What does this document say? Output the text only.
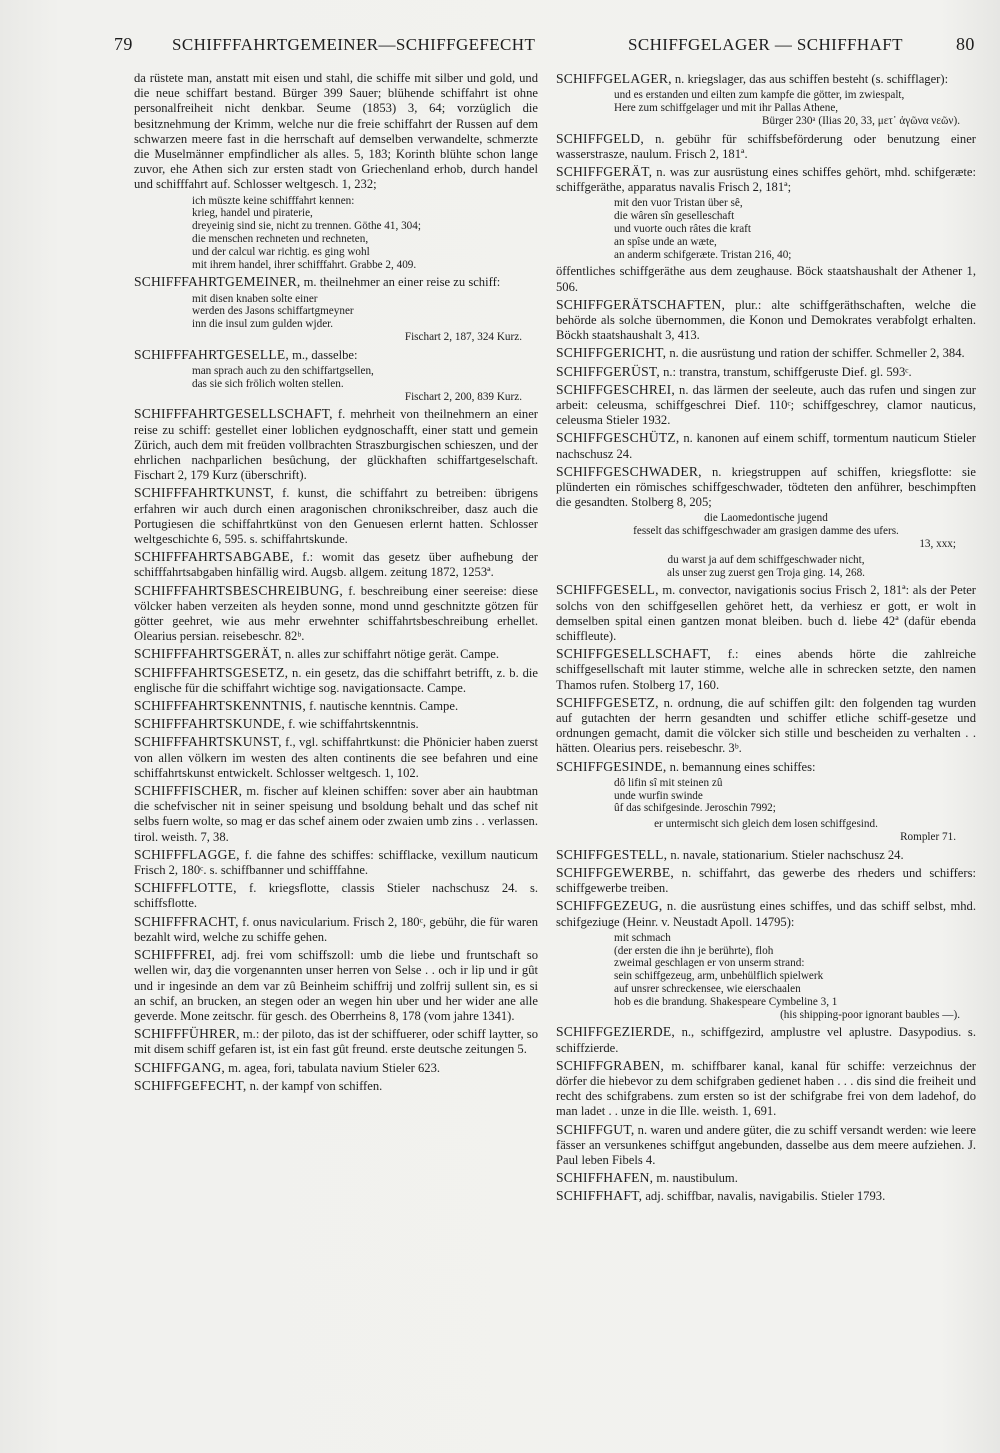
79 SCHIFFFAHRTGEMEINER—SCHIFFGEFECHT	SCHIFFGELAGER — SCHIFFHAFT	80

da rüstete man, anstatt mit eisen und stahl, die schiffe mit silber und gold, und die neue schiffart bestand. Bürger 399 Sauer; blühende schiffahrt ist ohne personalfreiheit nicht denkbar. Seume (1853) 3, 64; vorzüglich die besitznehmung der Krimm, welche nur die freie schiffahrt der Russen auf dem schwarzen meere fast in die herrschaft auf demselben verwandelte, schmerzte die Muselmänner empfindlicher als alles. 5, 183; Korinth blühte schon lange zuvor, ehe Athen sich zur ersten stadt von Griechenland erhob, durch handel und schifffahrt auf. Schlosser weltgesch. 1, 232;

ich müszte keine schifffahrt kennen:
krieg, handel und piraterie,
dreyeinig sind sie, nicht zu trennen. Göthe 41, 304;
die menschen rechneten und rechneten,
und der calcul war richtig. es ging wohl
mit ihrem handel, ihrer schifffahrt. Grabbe 2, 409.

SCHIFFFAHRTGEMEINER, m. theilnehmer an einer reise zu schiff:

mit disen knaben solte einer
werden des Jasons schiffartgmeyner
inn die insul zum gulden wjder.
Fischart 2, 187, 324 Kurz.

SCHIFFFAHRTGESELLE, m., dasselbe:

man sprach auch zu den schiffartgsellen,
das sie sich frölich wolten stellen.
Fischart 2, 200, 839 Kurz.

SCHIFFFAHRTGESELLSCHAFT, f. mehrheit von theilnehmern an einer reise zu schiff: gestellet einer loblichen eydgnoschafft, einer statt und gemein Zürich, auch dem mit freüden vollbrachten Straszburgischen schieszen, und der ehrlichen nachparlichen besûchung, der glückhaften schiffartgeselschaft. Fischart 2, 179 Kurz (überschrift).

SCHIFFFAHRTKUNST, f. kunst, die schiffahrt zu betreiben: übrigens erfahren wir auch durch einen aragonischen chronikschreiber, dasz auch die Portugiesen die schiffahrtkünst von den Genuesen erlernt hatten. Schlosser weltgeschichte 6, 595. s. schiffahrtskunde.

SCHIFFFAHRTSABGABE, f.: womit das gesetz über aufhebung der schifffahrtsabgaben hinfällig wird. Augsb. allgem. zeitung 1872, 1253ª.

SCHIFFFAHRTSBESCHREIBUNG, f. beschreibung einer seereise: diese völcker haben verzeiten als heyden sonne, mond unnd geschnitzte götzen für götter geehret, wie aus mehr erwehnter schiffahrtsbeschreibung erhellet. Olearius persian. reisebeschr. 82ᵇ.

SCHIFFFAHRTSGERÄT, n. alles zur schiffahrt nötige gerät. Campe.

SCHIFFFAHRTSGESETZ, n. ein gesetz, das die schiffahrt betrifft, z. b. die englische für die schiffahrt wichtige sog. navigationsacte. Campe.

SCHIFFFAHRTSKENNTNIS, f. nautische kenntnis. Campe.

SCHIFFFAHRTSKUNDE, f. wie schiffahrtskenntnis.

SCHIFFFAHRTSKUNST, f., vgl. schiffahrtkunst: die Phönicier haben zuerst von allen völkern im westen des alten continents die see befahren und eine schiffahrtskunst entwickelt. Schlosser weltgesch. 1, 102.

SCHIFFFISCHER, m. fischer auf kleinen schiffen: sover aber ain haubtman die schefvischer nit in seiner speisung und bsoldung behalt und das schef nit selbs fuern wolte, so mag er das schef ainem oder zwaien umb zins . . verlassen. tirol. weisth. 7, 38.

SCHIFFFLAGGE, f. die fahne des schiffes: schifflacke, vexillum nauticum Frisch 2, 180ᶜ. s. schiffbanner und schifffahne.

SCHIFFFLOTTE, f. kriegsflotte, classis Stieler nachschusz 24. s. schiffsflotte.

SCHIFFFRACHT, f. onus navicularium. Frisch 2, 180ᶜ, gebühr, die für waren bezahlt wird, welche zu schiffe gehen.

SCHIFFFREI, adj. frei vom schiffszoll: umb die liebe und fruntschaft so wellen wir, daʒ die vorgenannten unser herren von Selse . . och ir lip und ir gût und ir ingesinde an dem var zû Beinheim schiffrij und zolfrij sullent sin, es si an schif, an brucken, an stegen oder an wegen hin uber und her wider ane alle geverde. Mone zeitschr. für gesch. des Oberrheins 8, 178 (vom jahre 1341).

SCHIFFFÜHRER, m.: der piloto, das ist der schiffuerer, oder schiff laytter, so mit disem schiff gefaren ist, ist ein fast gût freund. erste deutsche zeitungen 5.

SCHIFFGANG, m. agea, fori, tabulata navium Stieler 623.

SCHIFFGEFECHT, n. der kampf von schiffen.

SCHIFFGELAGER, n. kriegslager, das aus schiffen besteht (s. schifflager):

und es erstanden und eilten zum kampfe die götter, im zwiespalt,
Here zum schiffgelager und mit ihr Pallas Athene,
Bürger 230ᵃ (Ilias 20, 33, μετ᾽ ἀγῶνα νεῶν).

SCHIFFGELD, n. gebühr für schiffsbeförderung oder benutzung einer wasserstrasze, naulum. Frisch 2, 181ª.

SCHIFFGERÄT, n. was zur ausrüstung eines schiffes gehört, mhd. schifgeræte: schiffgeräthe, apparatus navalis Frisch 2, 181ª;

mit den vuor Tristan über sê,
die wâren sîn geselleschaft
und vuorte ouch râtes die kraft
an spîse unde an wæte,
an anderm schifgeræte. Tristan 216, 40;

öffentliches schiffgeräthe aus dem zeughause. Böck staatshaushalt der Athener 1, 506.

SCHIFFGERÄTSCHAFTEN, plur.: alte schiffgeräthschaften, welche die behörde als solche übernommen, die Konon und Demokrates verabfolgt erhalten. Böckh staatshaushalt 3, 413.

SCHIFFGERICHT, n. die ausrüstung und ration der schiffer. Schmeller 2, 384.

SCHIFFGERÜST, n.: transtra, transtum, schiffgeruste Dief. gl. 593ᶜ.

SCHIFFGESCHREI, n. das lärmen der seeleute, auch das rufen und singen zur arbeit: celeusma, schiffgeschrei Dief. 110ᶜ; schiffgeschrey, clamor nauticus, celeusma Stieler 1932.

SCHIFFGESCHÜTZ, n. kanonen auf einem schiff, tormentum nauticum Stieler nachschusz 24.

SCHIFFGESCHWADER, n. kriegstruppen auf schiffen, kriegsflotte: sie plünderten ein römisches schiffgeschwader, tödteten den anführer, beschimpften die gesandten. Stolberg 8, 205;

die Laomedontische jugend
fesselt das schiffgeschwader am grasigen damme des ufers.
13, xxx;
du warst ja auf dem schiffgeschwader nicht,
als unser zug zuerst gen Troja ging. 14, 268.

SCHIFFGESELL, m. convector, navigationis socius Frisch 2, 181ª: als der Peter solchs von den schiffgesellen gehöret hett, da verhiesz er gott, er wolt in demselben spital einen gantzen monat bleiben. buch d. liebe 42ª (dafür ebenda schiffleute).

SCHIFFGESELLSCHAFT, f.: eines abends hörte die zahlreiche schiffgesellschaft mit lauter stimme, welche alle in schrecken setzte, den namen Thamos rufen. Stolberg 17, 160.

SCHIFFGESETZ, n. ordnung, die auf schiffen gilt: den folgenden tag wurden auf gutachten der herrn gesandten und schiffer etliche schiff-gesetze und ordnungen gemacht, damit die völcker sich stille und bescheiden zu verhalten . . hätten. Olearius pers. reisebeschr. 3ᵇ.

SCHIFFGESINDE, n. bemannung eines schiffes:

dô lifin sî mit steinen zû
unde wurfin swinde
ûf das schifgesinde. Jeroschin 7992;
er untermischt sich gleich dem losen schiffgesind.
Rompler 71.

SCHIFFGESTELL, n. navale, stationarium. Stieler nachschusz 24.

SCHIFFGEWERBE, n. schiffahrt, das gewerbe des rheders und schiffers: schiffgewerbe treiben.

SCHIFFGEZEUG, n. die ausrüstung eines schiffes, und das schiff selbst, mhd. schifgeziuge (Heinr. v. Neustadt Apoll. 14795):

mit schmach
(der ersten die ihn je berührte), floh
zweimal geschlagen er von unserm strand:
sein schiffgezeug, arm, unbehülflich spielwerk
auf unsrer schreckensee, wie eierschaalen
hob es die brandung. Shakespeare Cymbeline 3, 1
(his shipping-poor ignorant baubles —).

SCHIFFGEZIERDE, n., schiffgezird, amplustre vel aplustre. Dasypodius. s. schiffzierde.

SCHIFFGRABEN, m. schiffbarer kanal, kanal für schiffe: verzeichnus der dörfer die hiebevor zu dem schifgraben gedienet haben . . . dis sind die freiheit und recht des schifgrabens. zum ersten so ist der schifgrabe frei von dem ladehof, do man ladet . . unze in die Ille. weisth. 1, 691.

SCHIFFGUT, n. waren und andere güter, die zu schiff versandt werden: wie leere fässer an versunkenes schiffgut angebunden, dasselbe aus dem meere aufziehen. J. Paul leben Fibels 4.

SCHIFFHAFEN, m. naustibulum.

SCHIFFHAFT, adj. schiffbar, navalis, navigabilis. Stieler 1793.
